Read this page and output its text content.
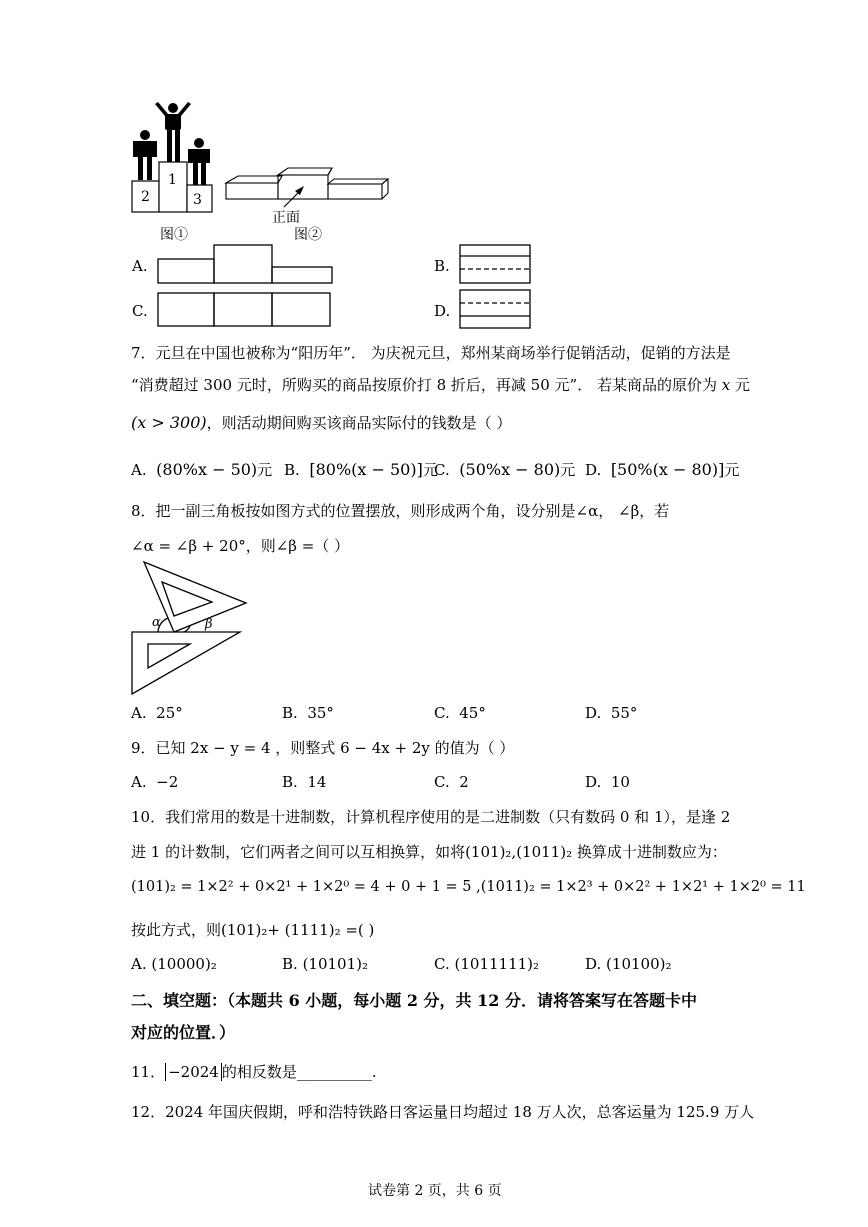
2
1
3
正面
图①	图②
A.	B.
C.	D.
7．元旦在中国也被称为“阳历年”． 为庆祝元旦，郑州某商场举行促销活动，促销的方法是
“消费超过 300 元时，所购买的商品按原价打 8 折后，再减 50 元”． 若某商品的原价为 x 元
(x > 300)，则活动期间购买该商品实际付的钱数是（ ）
A. (80%x − 50)元 B. [80%(x − 50)]元
C. (50%x − 80)元 D. [50%(x − 80)]元
8．把一副三角板按如图方式的位置摆放，则形成两个角，设分别是∠α， ∠β，若
∠α = ∠β + 20°，则∠β =（ ）
α	β
A. 25°	B. 35°	C. 45°	D. 55°
9．已知 2x − y = 4 ，则整式 6 − 4x + 2y 的值为（ ）
A. −2	B. 14	C. 2	D. 10
10．我们常用的数是十进制数，计算机程序使用的是二进制数（只有数码 0 和 1），是逢 2
进 1 的计数制，它们两者之间可以互相换算，如将(101)₂,(1011)₂ 换算成十进制数应为：
(101)₂ = 1×2² + 0×2¹ + 1×2⁰ = 4 + 0 + 1 = 5 ,(1011)₂ = 1×2³ + 0×2² + 1×2¹ + 1×2⁰ = 11
按此方式，则(101)₂+ (1111)₂ =( )
A. (10000)₂	B. (10101)₂	C. (1011111)₂	D. (10100)₂
二、填空题：（本题共 6 小题，每小题 2 分，共 12 分．请将答案写在答题卡中
对应的位置．）
11． −2024 的相反数是__________.
12．2024 年国庆假期，呼和浩特铁路日客运量日均超过 18 万人次，总客运量为 125.9 万人
试卷第 2 页，共 6 页
